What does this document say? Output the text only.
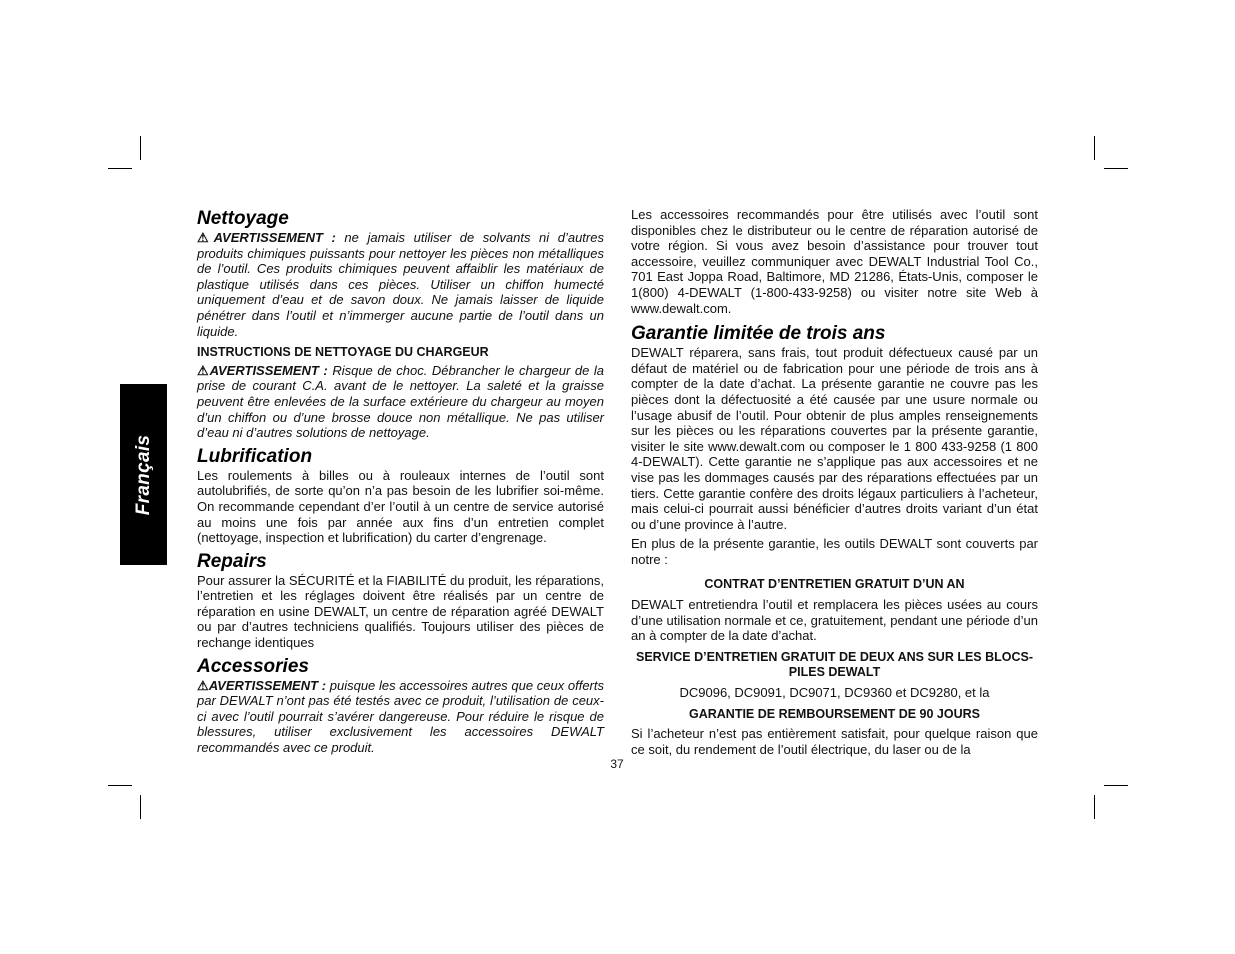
Français
Nettoyage

⚠AVERTISSEMENT : ne jamais utiliser de solvants ni d’autres produits chimiques puissants pour nettoyer les pièces non métalliques de l’outil. Ces produits chimiques peuvent affaiblir les matériaux de plastique utilisés dans ces pièces. Utiliser un chiffon humecté uniquement d’eau et de savon doux. Ne jamais laisser de liquide pénétrer dans l’outil et n’immerger aucune partie de l’outil dans un liquide.

INSTRUCTIONS DE NETTOYAGE DU CHARGEUR

⚠AVERTISSEMENT : Risque de choc. Débrancher le chargeur de la prise de courant C.A. avant de le nettoyer. La saleté et la graisse peuvent être enlevées de la surface extérieure du chargeur au moyen d’un chiffon ou d’une brosse douce non métallique. Ne pas utiliser d’eau ni d’autres solutions de nettoyage.

Lubrification

Les roulements à billes ou à rouleaux internes de l’outil sont autolubrifiés, de sorte qu’on n’a pas besoin de les lubrifier soi-même. On recommande cependant d’er l’outil à un centre de service autorisé au moins une fois par année aux fins d’un entretien complet (nettoyage, inspection et lubrification) du carter d’engrenage.

Repairs

Pour assurer la SÉCURITÉ et la FIABILITÉ du produit, les réparations, l’entretien et les réglages doivent être réalisés par un centre de réparation en usine DEWALT, un centre de réparation agréé DEWALT ou par d’autres techniciens qualifiés. Toujours utiliser des pièces de rechange identiques

Accessories

⚠AVERTISSEMENT : puisque les accessoires autres que ceux offerts par DEWALT n’ont pas été testés avec ce produit, l’utilisation de ceux-ci avec l’outil pourrait s’avérer dangereuse. Pour réduire le risque de blessures, utiliser exclusivement les accessoires DEWALT recommandés avec ce produit.

Les accessoires recommandés pour être utilisés avec l’outil sont disponibles chez le distributeur ou le centre de réparation autorisé de votre région. Si vous avez besoin d’assistance pour trouver tout accessoire, veuillez communiquer avec DEWALT Industrial Tool Co., 701 East Joppa Road, Baltimore, MD 21286, États-Unis, composer le 1(800) 4-DEWALT (1-800-433-9258) ou visiter notre site Web à www.dewalt.com.

Garantie limitée de trois ans

DEWALT réparera, sans frais, tout produit défectueux causé par un défaut de matériel ou de fabrication pour une période de trois ans à compter de la date d’achat. La présente garantie ne couvre pas les pièces dont la défectuosité a été causée par une usure normale ou l’usage abusif de l’outil. Pour obtenir de plus amples renseignements sur les pièces ou les réparations couvertes par la présente garantie, visiter le site www.dewalt.com ou composer le 1 800 433-9258 (1 800 4-DEWALT). Cette garantie ne s’applique pas aux accessoires et ne vise pas les dommages causés par des réparations effectuées par un tiers. Cette garantie confère des droits légaux particuliers à l’acheteur, mais celui-ci pourrait aussi bénéficier d’autres droits variant d’un état ou d’une province à l’autre.

En plus de la présente garantie, les outils DEWALT sont couverts par notre :

CONTRAT D’ENTRETIEN GRATUIT D’UN AN

DEWALT entretiendra l’outil et remplacera les pièces usées au cours d’une utilisation normale et ce, gratuitement, pendant une période d’un an à compter de la date d’achat.

SERVICE D’ENTRETIEN GRATUIT DE DEUX ANS SUR LES BLOCS-PILES DEWALT

DC9096, DC9091, DC9071, DC9360 et DC9280, et la

GARANTIE DE REMBOURSEMENT DE 90 JOURS

Si l’acheteur n’est pas entièrement satisfait, pour quelque raison que ce soit, du rendement de l’outil électrique, du laser ou de la

37
